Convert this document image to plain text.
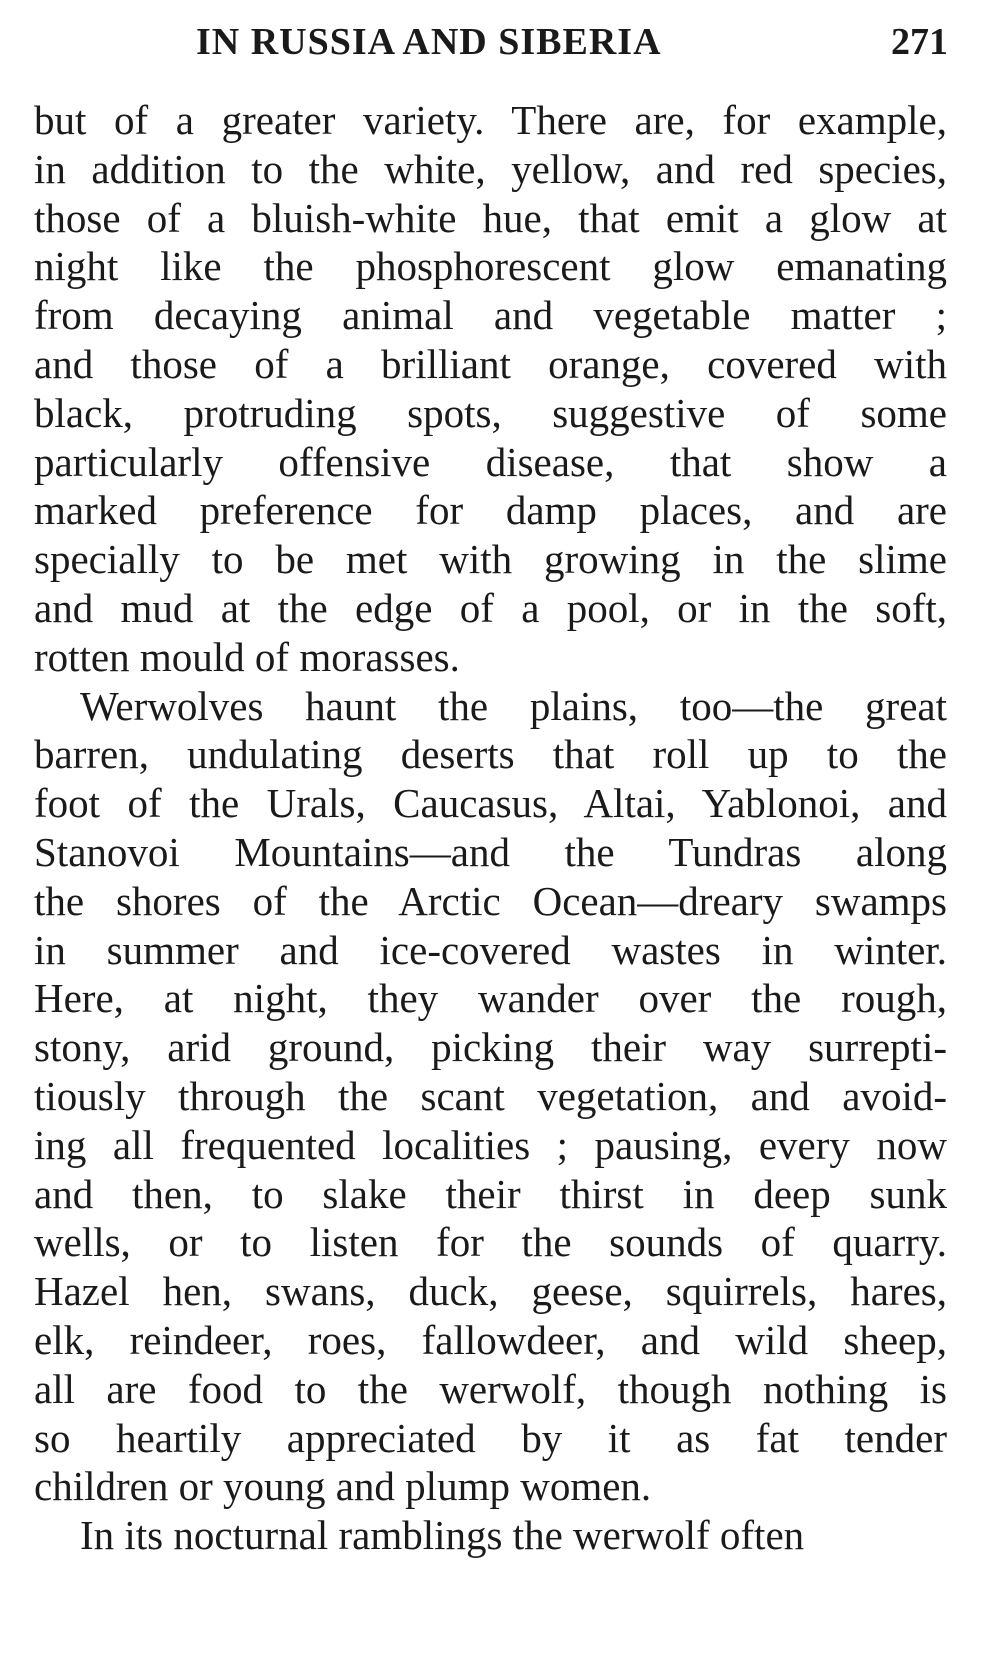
IN RUSSIA AND SIBERIA	271
but of a greater variety. There are, for example,
in addition to the white, yellow, and red species,
those of a bluish-white hue, that emit a glow at
night like the phosphorescent glow emanating
from decaying animal and vegetable matter ;
and those of a brilliant orange, covered with
black, protruding spots, suggestive of some
particularly offensive disease, that show a
marked preference for damp places, and are
specially to be met with growing in the slime
and mud at the edge of a pool, or in the soft,
rotten mould of morasses.
Werwolves haunt the plains, too—the great
barren, undulating deserts that roll up to the
foot of the Urals, Caucasus, Altai, Yablonoi, and
Stanovoi Mountains—and the Tundras along
the shores of the Arctic Ocean—dreary swamps
in summer and ice-covered wastes in winter.
Here, at night, they wander over the rough,
stony, arid ground, picking their way surrepti-
tiously through the scant vegetation, and avoid-
ing all frequented localities ; pausing, every now
and then, to slake their thirst in deep sunk
wells, or to listen for the sounds of quarry.
Hazel hen, swans, duck, geese, squirrels, hares,
elk, reindeer, roes, fallowdeer, and wild sheep,
all are food to the werwolf, though nothing is
so heartily appreciated by it as fat tender
children or young and plump women.
In its nocturnal ramblings the werwolf often
